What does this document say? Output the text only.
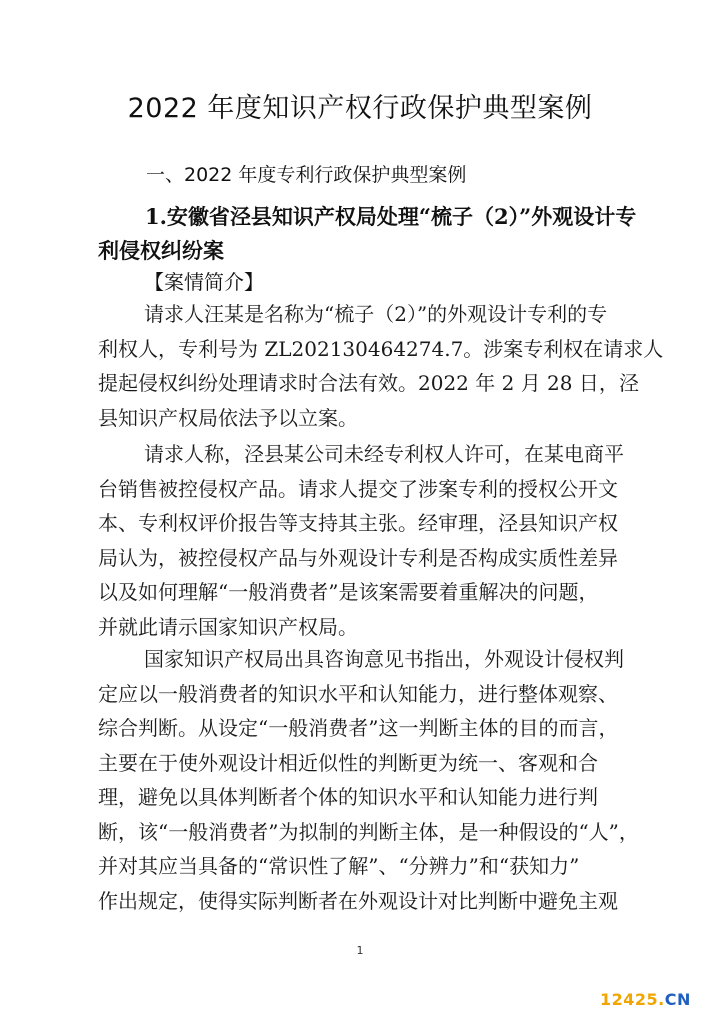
2022 年度知识产权行政保护典型案例
一、2022 年度专利行政保护典型案例
1.安徽省泾县知识产权局处理“梳子（2）”外观设计专
利侵权纠纷案
【案情简介】
请求人汪某是名称为“梳子（2）”的外观设计专利的专
利权人，专利号为 ZL202130464274.7。涉案专利权在请求人
提起侵权纠纷处理请求时合法有效。2022 年 2 月 28 日，泾
县知识产权局依法予以立案。
请求人称，泾县某公司未经专利权人许可，在某电商平
台销售被控侵权产品。请求人提交了涉案专利的授权公开文
本、专利权评价报告等支持其主张。经审理，泾县知识产权
局认为，被控侵权产品与外观设计专利是否构成实质性差异
以及如何理解“一般消费者”是该案需要着重解决的问题，
并就此请示国家知识产权局。
国家知识产权局出具咨询意见书指出，外观设计侵权判
定应以一般消费者的知识水平和认知能力，进行整体观察、
综合判断。从设定“一般消费者”这一判断主体的目的而言，
主要在于使外观设计相近似性的判断更为统一、客观和合
理，避免以具体判断者个体的知识水平和认知能力进行判
断，该“一般消费者”为拟制的判断主体，是一种假设的“人”，
并对其应当具备的“常识性了解”、“分辨力”和“获知力”
作出规定，使得实际判断者在外观设计对比判断中避免主观
1
12425.CN
